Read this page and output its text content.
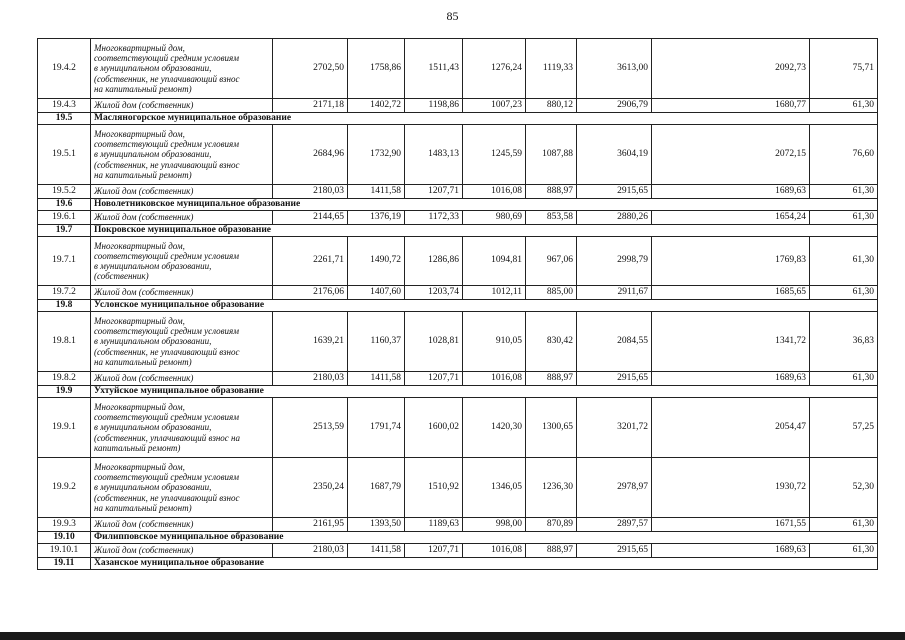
85
19.4.2	Многоквартирный дом,
соответствующий средним условиям
в муниципальном образовании,
(собственник, не уплачивающий взнос
на капитальный ремонт)	2702,50	1758,86	1511,43	1276,24	1119,33	3613,00	2092,73	75,71
19.4.3	Жилой дом (собственник)	2171,18	1402,72	1198,86	1007,23	880,12	2906,79	1680,77	61,30
19.5	Масляногорское муниципальное образование								
19.5.1	Многоквартирный дом,
соответствующий средним условиям
в муниципальном образовании,
(собственник, не уплачивающий взнос
на капитальный ремонт)	2684,96	1732,90	1483,13	1245,59	1087,88	3604,19	2072,15	76,60
19.5.2	Жилой дом (собственник)	2180,03	1411,58	1207,71	1016,08	888,97	2915,65	1689,63	61,30
19.6	Новолетниковское муниципальное образование								
19.6.1	Жилой дом (собственник)	2144,65	1376,19	1172,33	980,69	853,58	2880,26	1654,24	61,30
19.7	Покровское муниципальное образование								
19.7.1	Многоквартирный дом,
соответствующий средним условиям
в муниципальном образовании,
(собственник)	2261,71	1490,72	1286,86	1094,81	967,06	2998,79	1769,83	61,30
19.7.2	Жилой дом (собственник)	2176,06	1407,60	1203,74	1012,11	885,00	2911,67	1685,65	61,30
19.8	Услонское муниципальное образование								
19.8.1	Многоквартирный дом,
соответствующий средним условиям
в муниципальном образовании,
(собственник, не уплачивающий взнос
на капитальный ремонт)	1639,21	1160,37	1028,81	910,05	830,42	2084,55	1341,72	36,83
19.8.2	Жилой дом (собственник)	2180,03	1411,58	1207,71	1016,08	888,97	2915,65	1689,63	61,30
19.9	Ухтуйское муниципальное образование								
19.9.1	Многоквартирный дом,
соответствующий средним условиям
в муниципальном образовании,
(собственник, уплачивающий взнос на
капитальный ремонт)	2513,59	1791,74	1600,02	1420,30	1300,65	3201,72	2054,47	57,25
19.9.2	Многоквартирный дом,
соответствующий средним условиям
в муниципальном образовании,
(собственник, не уплачивающий взнос
на капитальный ремонт)	2350,24	1687,79	1510,92	1346,05	1236,30	2978,97	1930,72	52,30
19.9.3	Жилой дом (собственник)	2161,95	1393,50	1189,63	998,00	870,89	2897,57	1671,55	61,30
19.10	Филипповское муниципальное образование								
19.10.1	Жилой дом (собственник)	2180,03	1411,58	1207,71	1016,08	888,97	2915,65	1689,63	61,30
19.11	Хазанское муниципальное образование								
